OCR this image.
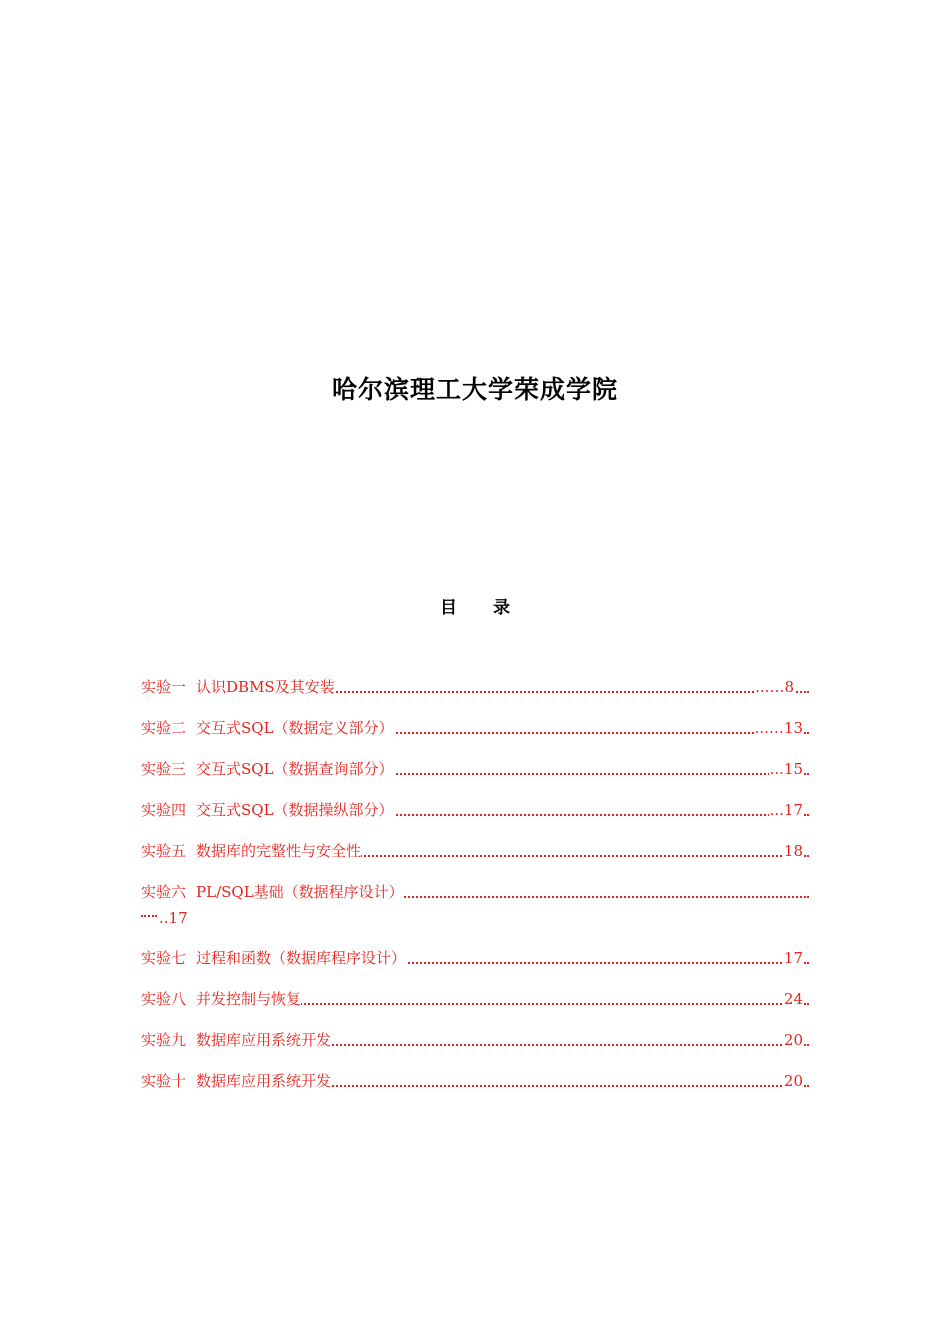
哈尔滨理工大学荣成学院
目 录
实验一 认识DBMS及其安装	...…8
实验二 交互式SQL（数据定义部分）	...…13
实验三 交互式SQL（数据查询部分）	...15
实验四 交互式SQL（数据操纵部分）	...17
实验五 数据库的完整性与安全性	18
实验六 PL/SQL基础（数据程序设计）
..17
实验七 过程和函数（数据库程序设计）	17
实验八 并发控制与恢复	24
实验九 数据库应用系统开发	20
实验十 数据库应用系统开发	20
